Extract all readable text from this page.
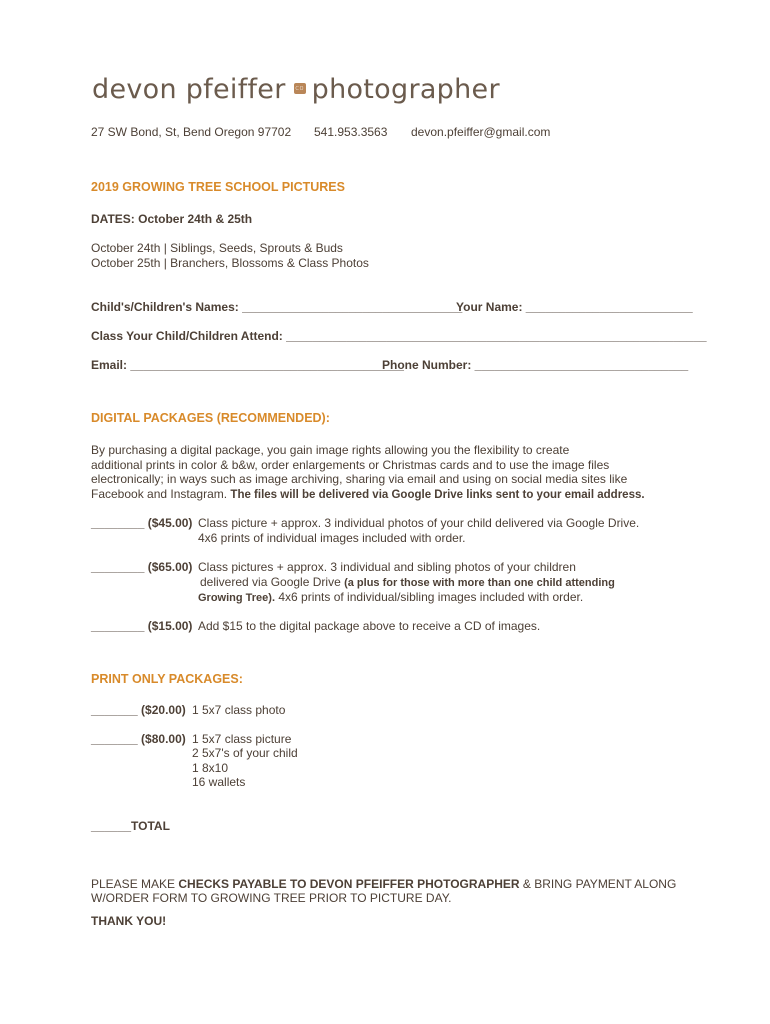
devon pfeiffer co photographer
27 SW Bond, St, Bend Oregon 97702 541.953.3563 devon.pfeiffer@gmail.com
2019 GROWING TREE SCHOOL PICTURES
DATES: October 24th & 25th
October 24th | Siblings, Seeds, Sprouts & Buds
October 25th | Branchers, Blossoms & Class Photos
Child's/Children's Names: _________________________________
Your Name: _________________________
Class Your Child/Children Attend: _______________________________________________________________
Email: _________________________________________
Phone Number: ________________________________
DIGITAL PACKAGES (RECOMMENDED):
By purchasing a digital package, you gain image rights allowing you the flexibility to create
additional prints in color & b&w, order enlargements or Christmas cards and to use the image files
electronically; in ways such as image archiving, sharing via email and using on social media sites like
Facebook and Instagram. The files will be delivered via Google Drive links sent to your email address.
________ ($45.00) Class picture + approx. 3 individual photos of your child delivered via Google Drive.
4x6 prints of individual images included with order.
________ ($65.00) Class pictures + approx. 3 individual and sibling photos of your children
delivered via Google Drive (a plus for those with more than one child attending
Growing Tree). 4x6 prints of individual/sibling images included with order.
________ ($15.00) Add $15 to the digital package above to receive a CD of images.
PRINT ONLY PACKAGES:
_______ ($20.00) 1 5x7 class photo
_______ ($80.00) 1 5x7 class picture
2 5x7's of your child
1 8x10
16 wallets
______TOTAL
PLEASE MAKE CHECKS PAYABLE TO DEVON PFEIFFER PHOTOGRAPHER & BRING PAYMENT ALONG
W/ORDER FORM TO GROWING TREE PRIOR TO PICTURE DAY.
THANK YOU!
